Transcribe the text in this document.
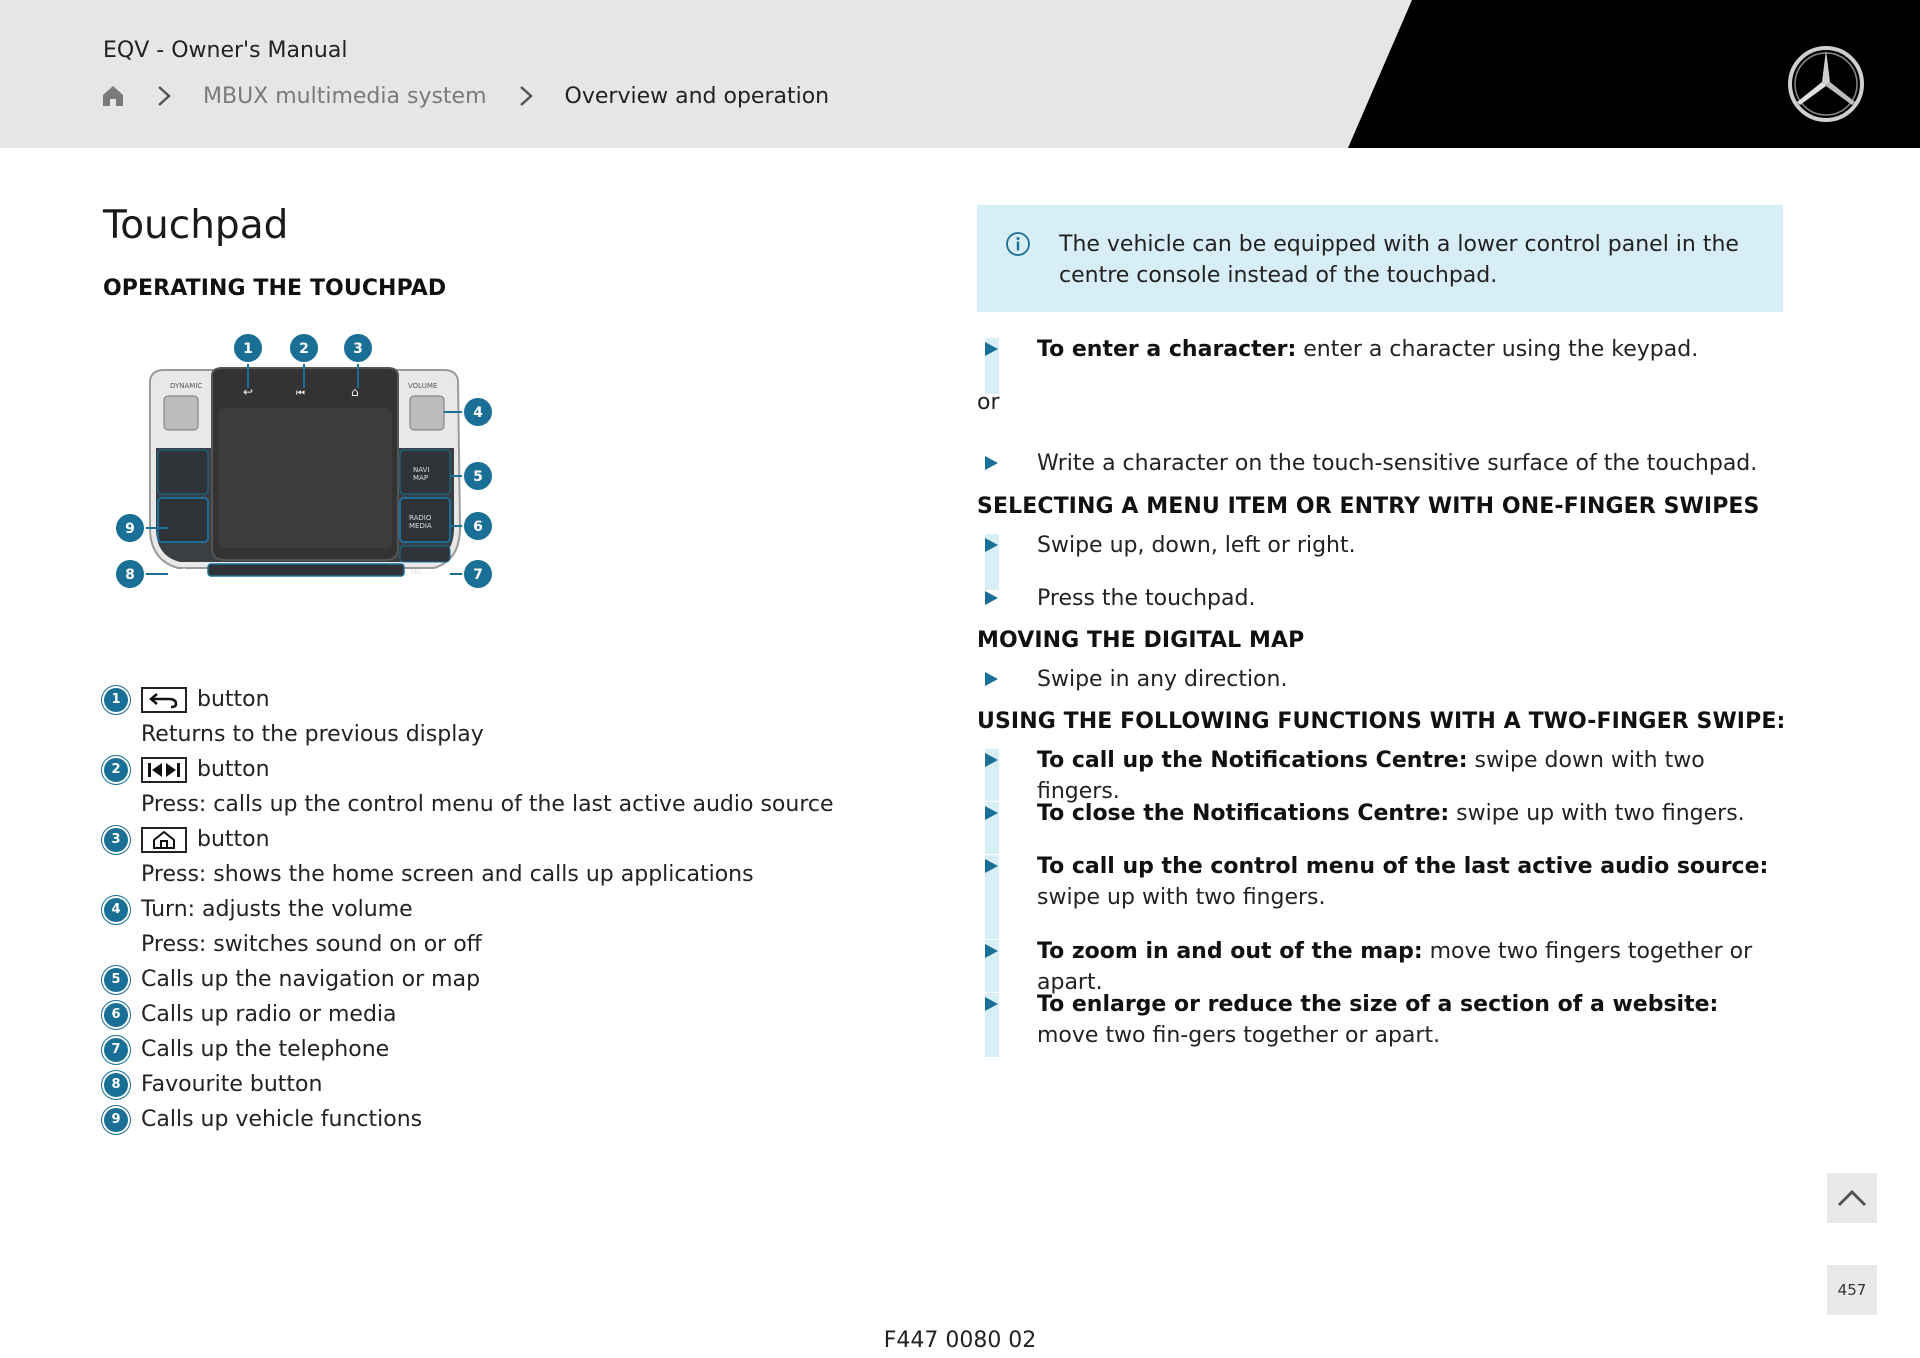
EQV - Owner's Manual
MBUX multimedia system	Overview and operation
Touchpad
OPERATING THE TOUCHPAD
DYNAMIC	VOLUME
NAVI
MAP
RADIO
MEDIA
TEL
★
↩	⏮	⌂
1	2	3
4
5
6
7
8
9
1	button
Returns to the previous display
2	button
Press: calls up the control menu of the last active audio source
3	button
Press: shows the home screen and calls up applications
4 Turn: adjusts the volume
Press: switches sound on or off
5 Calls up the navigation or map
6 Calls up radio or media
7 Calls up the telephone
8 Favourite button
9 Calls up vehicle functions
F447 0080 02
The vehicle can be equipped with a lower control panel in the centre console instead of the touchpad.
To enter a character: enter a character using the keypad.
or
Write a character on the touch-sensitive surface of the touchpad.
SELECTING A MENU ITEM OR ENTRY WITH ONE-FINGER SWIPES
Swipe up, down, left or right.
Press the touchpad.
MOVING THE DIGITAL MAP
Swipe in any direction.
USING THE FOLLOWING FUNCTIONS WITH A TWO-FINGER SWIPE:
To call up the Notifications Centre: swipe down with two fingers.
To close the Notifications Centre: swipe up with two fingers.
To call up the control menu of the last active audio source: swipe up with two fingers.
To zoom in and out of the map: move two fingers together or apart.
To enlarge or reduce the size of a section of a website: move two fin-gers together or apart.
457
